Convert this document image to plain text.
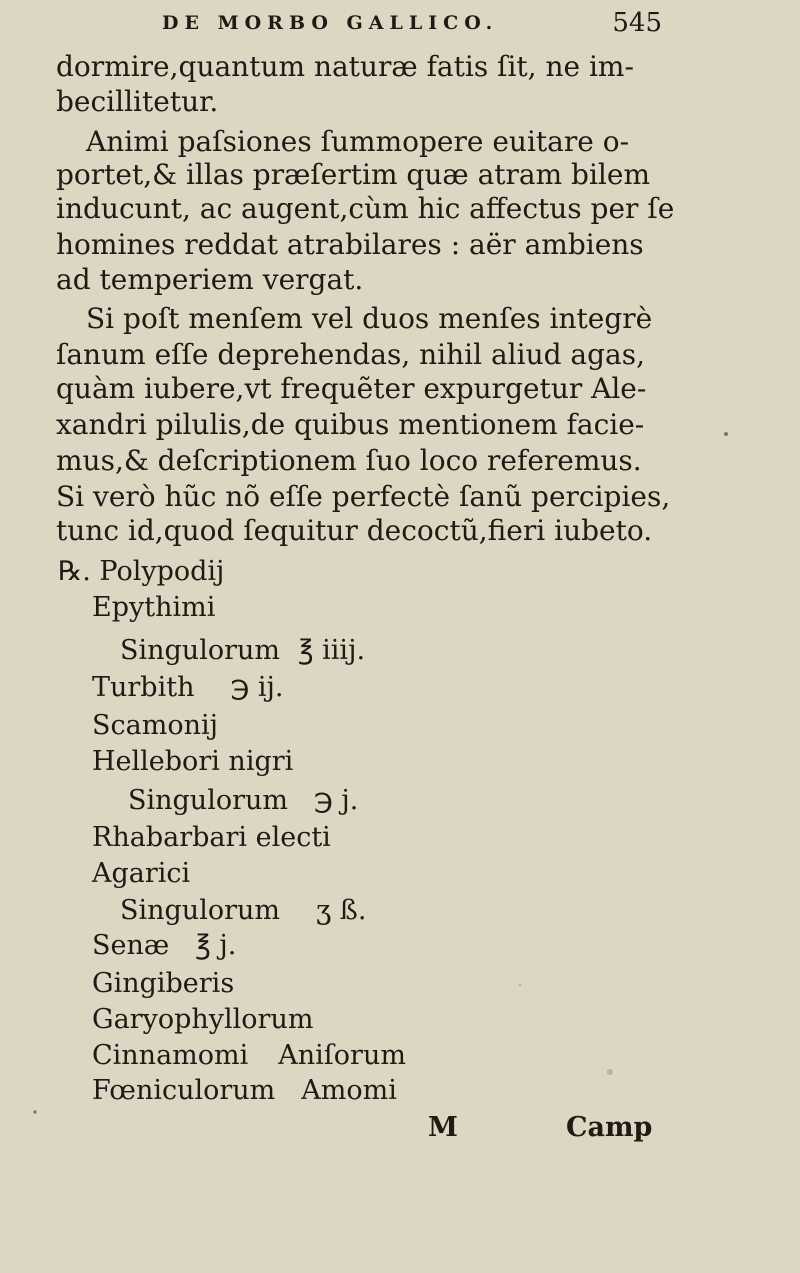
DE MORBO GALLICO.	545
dormire,quantum naturæ fatis ſit, ne im-
becillitetur.
Animi paſsiones ſummopere euitare o-
portet,& illas præſertim quæ atram bilem
inducunt, ac augent,cùm hic affectus per ſe
homines reddat atrabilares : aër ambiens
ad temperiem vergat.
Si poſt menſem vel duos menſes integrè
ſanum eſſe deprehendas, nihil aliud agas,
quàm iubere,vt frequẽter expurgetur Ale-
xandri pilulis,de quibus mentionem facie-
mus,& deſcriptionem ſuo loco referemus.
Si verò hũc nõ eſſe perfectè ſanũ percipies,
tunc id,quod ſequitur decoctũ,fieri iubeto.
℞. Polypodij
Epythimi
Singulorum ℥ iiij.
Turbith ℈ ij.
Scamonij
Hellebori nigri
Singulorum ℈ j.
Rhabarbari electi
Agarici
Singulorum ʒ ß.
Senæ ℥ j.
Gingiberis
Garyophyllorum
Cinnamomi Aniſorum
Fœniculorum Amomi
M	Camp
